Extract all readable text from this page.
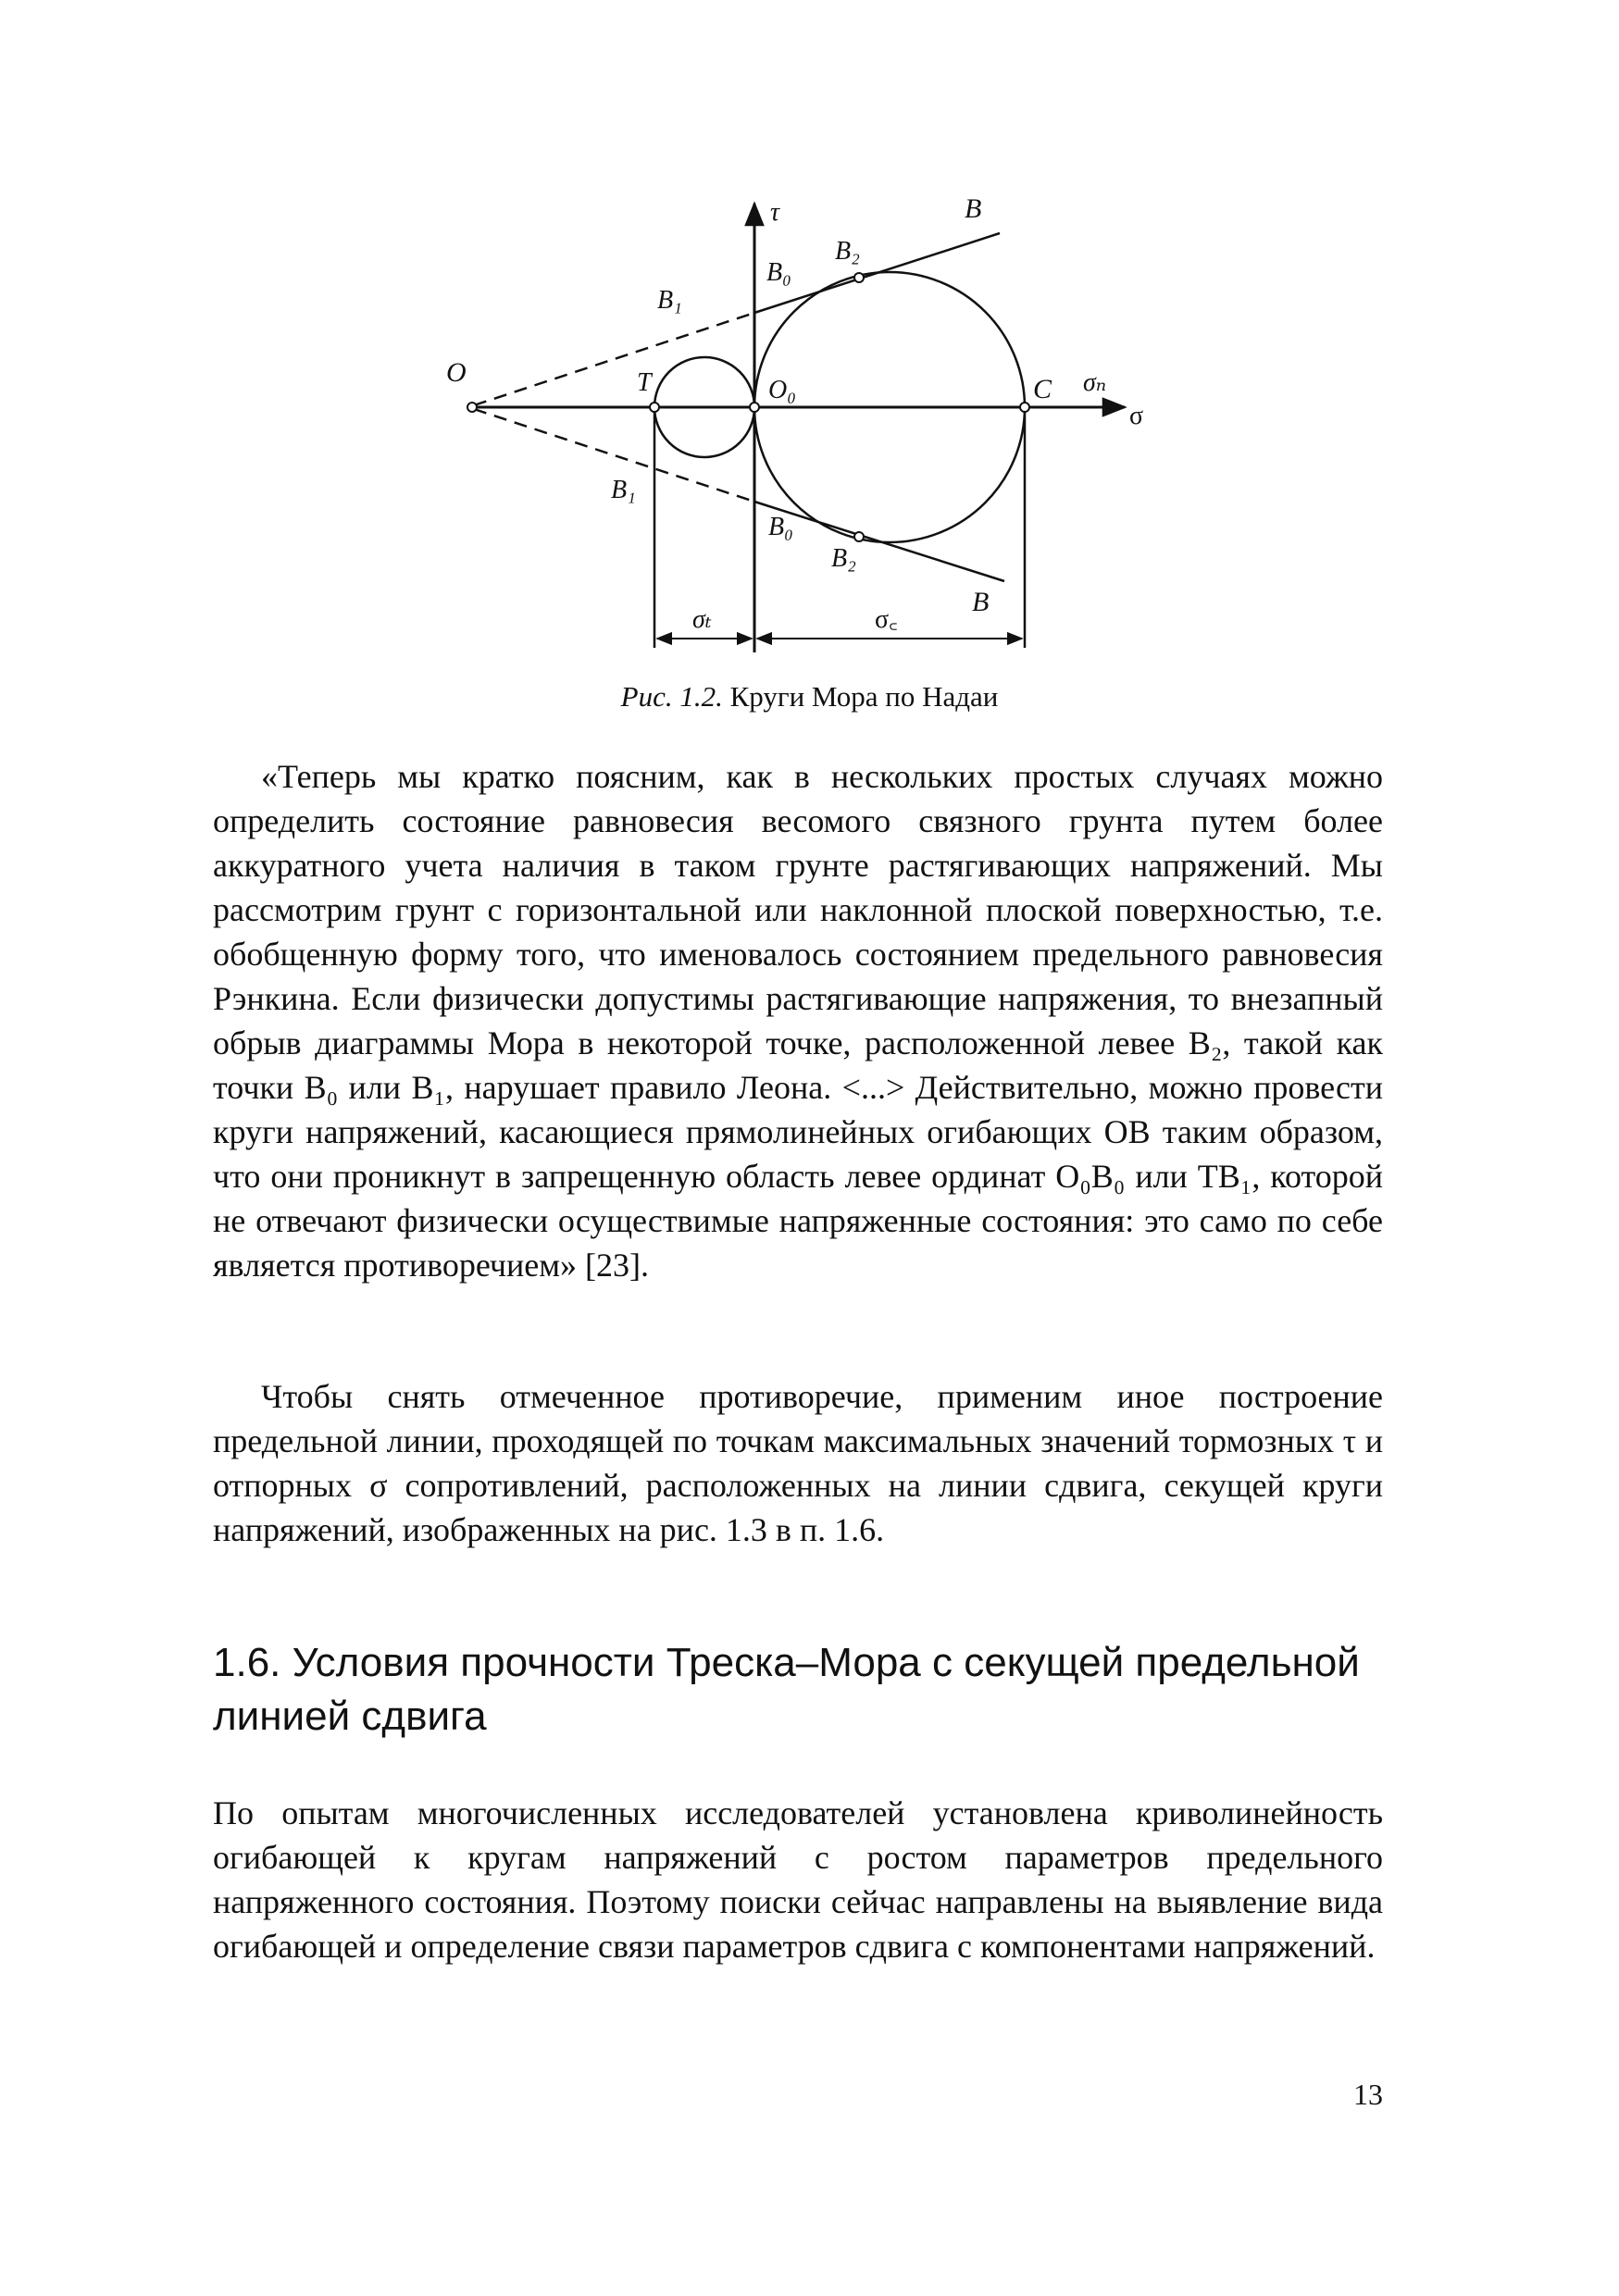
τ	B
B₂
B₀
B₁
O	T	O₀	C σₙ
σ
B₁
B₀
B₂
B
σₜ	σ꜀
Рис. 1.2. Круги Мора по Надаи

«Теперь мы кратко поясним, как в нескольких простых случаях можно определить состояние равновесия весомого связного грунта путем более аккуратного учета наличия в таком грунте растягивающих напряжений. Мы рассмотрим грунт с горизонтальной или наклонной плоской поверхностью, т.е. обобщенную форму того, что именовалось состоянием предельного равновесия Рэнкина. Если физически допустимы растягивающие напряжения, то внезапный обрыв диаграммы Мора в некоторой точке, расположенной левее B₂, такой как точки B₀ или B₁, нарушает правило Леона. <...> Действительно, можно провести круги напряжений, касающиеся прямолинейных огибающих OB таким образом, что они проникнут в запрещенную область левее ординат O₀B₀ или TB₁, которой не отвечают физически осуществимые напряженные состояния: это само по себе является противоречием» [23].

Чтобы снять отмеченное противоречие, применим иное построение предельной линии, проходящей по точкам максимальных значений тормозных τ и отпорных σ сопротивлений, расположенных на линии сдвига, секущей круги напряжений, изображенных на рис. 1.3 в п. 1.6.

1.6. Условия прочности Треска–Мора с секущей предельной линией сдвига

По опытам многочисленных исследователей установлена криволинейность огибающей к кругам напряжений с ростом параметров предельного напряженного состояния. Поэтому поиски сейчас направлены на выявление вида огибающей и определение связи параметров сдвига с компонентами напряжений.

13
